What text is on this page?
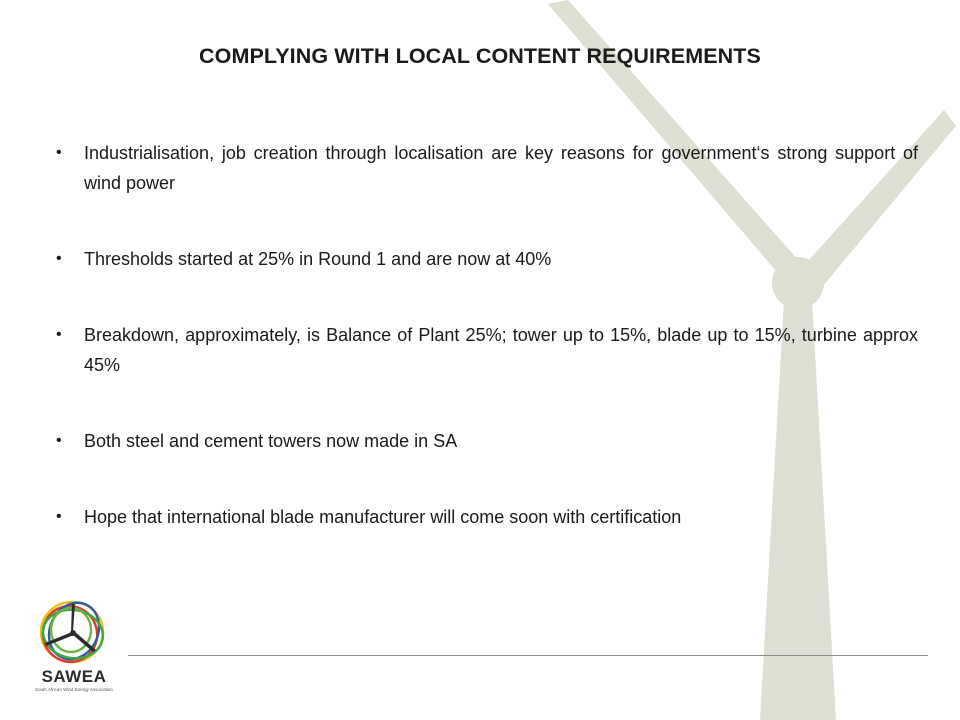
COMPLYING WITH LOCAL CONTENT REQUIREMENTS
• Industrialisation, job creation through localisation are key reasons for government‘s strong support of wind power
• Thresholds started at 25% in Round 1 and are now at 40%
• Breakdown, approximately, is Balance of Plant 25%; tower up to 15%, blade up to 15%, turbine approx 45%
• Both steel and cement towers now made in SA
• Hope that international blade manufacturer will come soon with certification
SAWEA
South African Wind Energy Association
